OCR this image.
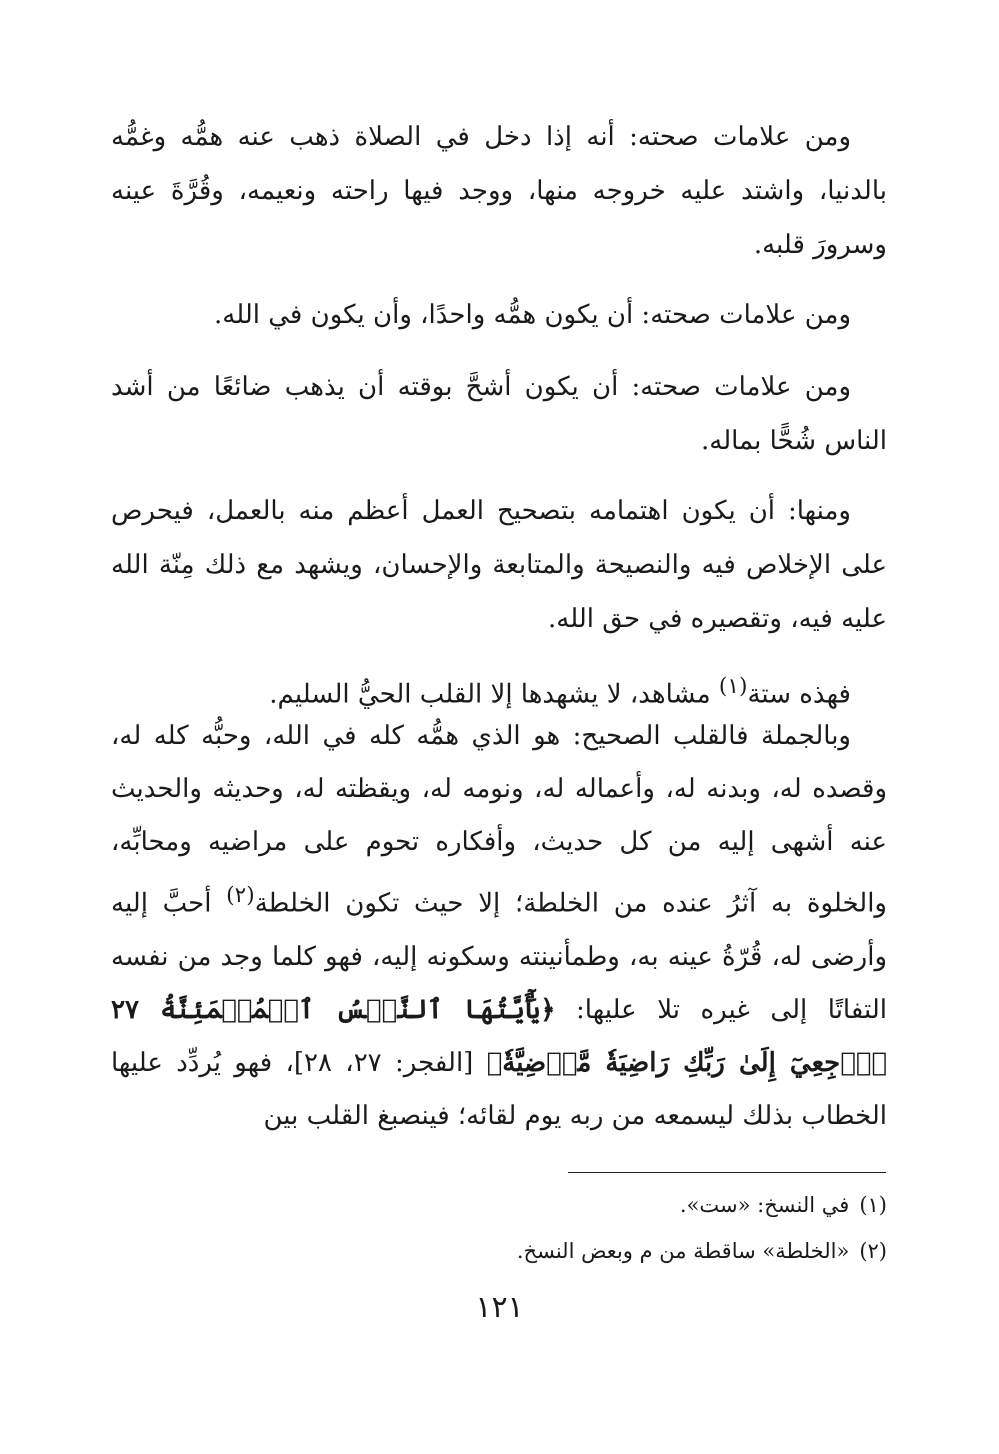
ومن علامات صحته: أنه إذا دخل في الصلاة ذهب عنه همُّه وغمُّه بالدنيا، واشتد عليه خروجه منها، ووجد فيها راحته ونعيمه، وقُرَّةَ عينه وسرورَ قلبه.

ومن علامات صحته: أن يكون همُّه واحدًا، وأن يكون في الله.

ومن علامات صحته: أن يكون أشحَّ بوقته أن يذهب ضائعًا من أشد الناس شُحًّا بماله.

ومنها: أن يكون اهتمامه بتصحيح العمل أعظم منه بالعمل، فيحرص على الإخلاص فيه والنصيحة والمتابعة والإحسان، ويشهد مع ذلك مِنّة الله عليه فيه، وتقصيره في حق الله.

فهذه ستة$^{(١)}$ مشاهد، لا يشهدها إلا القلب الحيُّ السليم.

وبالجملة فالقلب الصحيح: هو الذي همُّه كله في الله، وحبُّه كله له، وقصده له، وبدنه له، وأعماله له، ونومه له، ويقظته له، وحديثه والحديث عنه أشهى إليه من كل حديث، وأفكاره تحوم على مراضيه ومحابِّه، والخلوة به آثرُ عنده من الخلطة؛ إلا حيث تكون الخلطة$^{(٢)}$ أحبَّ إليه وأرضى له، قُرّةُ عينه به، وطمأنينته وسكونه إليه، فهو كلما وجد من نفسه التفاتًا إلى غيره تلا عليها: ﴿يَٰٓأَيَّتُهَا ٱلنَّفۡسُ ٱلۡمُطۡمَئِنَّةُ ٢٧ ٱرۡجِعِيٓ إِلَىٰ رَبِّكِ رَاضِيَةٗ مَّرۡضِيَّةٗ﴾ [الفجر: ٢٧، ٢٨]، فهو يُردِّد عليها الخطاب بذلك ليسمعه من ربه يوم لقائه؛ فينصبغ القلب بين

(١)في النسخ: «ست».
(٢)«الخلطة» ساقطة من م وبعض النسخ.
١٢١
